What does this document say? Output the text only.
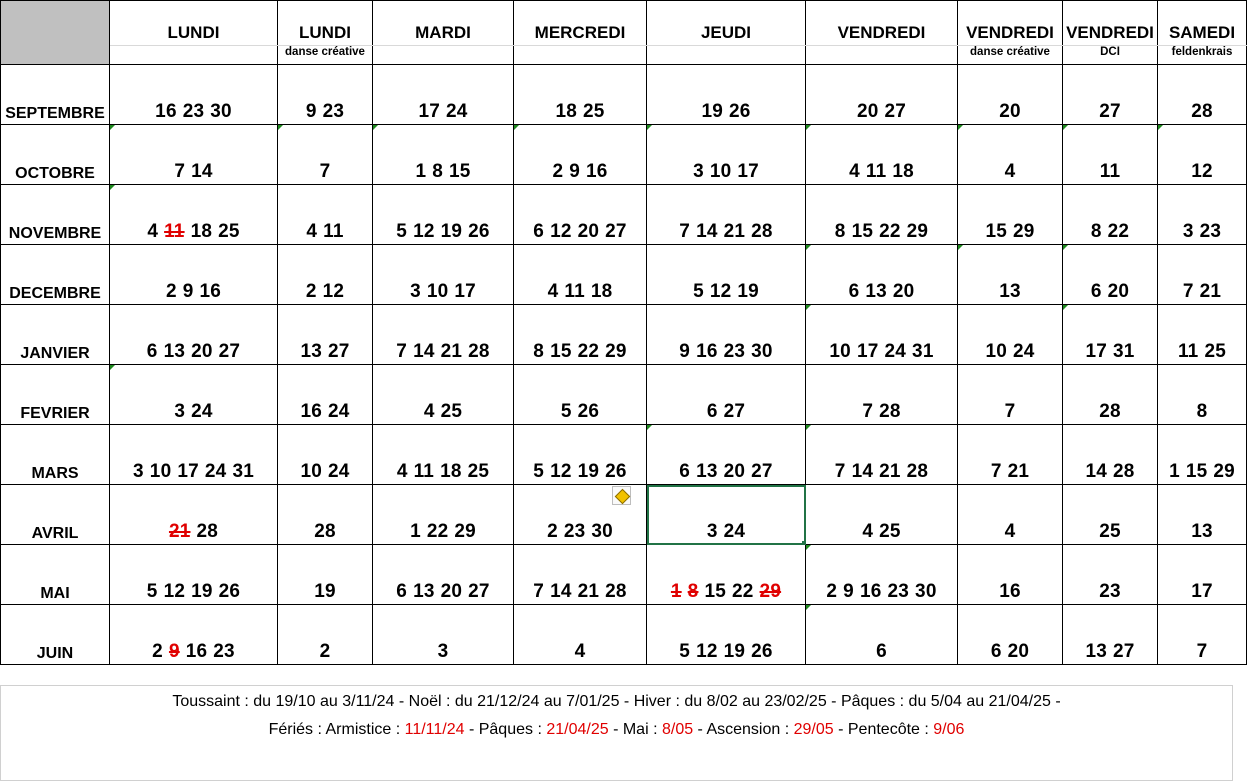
	LUNDI	LUNDI	MARDI	MERCREDI	JEUDI	VENDREDI	VENDREDI	VENDREDI	SAMEDI
		danse créative					danse créative	DCI	feldenkrais
SEPTEMBRE	16 23 30	9 23	17 24	18 25	19 26	20 27	20	27	28
OCTOBRE	7 14	7	1 8 15	2 9 16	3 10 17	4 11 18	4	11	12
NOVEMBRE	4 11 18 25	4 11	5 12 19 26	6 12 20 27	7 14 21 28	8 15 22 29	15 29	8 22	3 23
DECEMBRE	2 9 16	2 12	3 10 17	4 11 18	5 12 19	6 13 20	13	6 20	7 21
JANVIER	6 13 20 27	13 27	7 14 21 28	8 15 22 29	9 16 23 30	10 17 24 31	10 24	17 31	11 25
FEVRIER	3 24	16 24	4 25	5 26	6 27	7 28	7	28	8
MARS	3 10 17 24 31	10 24	4 11 18 25	5 12 19 26	6 13 20 27	7 14 21 28	7 21	14 28	1 15 29
AVRIL	21 28	28	1 22 29	2 23 30	3 24	4 25	4	25	13
MAI	5 12 19 26	19	6 13 20 27	7 14 21 28	1 8 15 22 29	2 9 16 23 30	16	23	17
JUIN	2 9 16 23	2	3	4	5 12 19 26	6	6 20	13 27	7
Toussaint : du 19/10 au 3/11/24 - Noël : du 21/12/24 au 7/01/25 - Hiver : du 8/02 au 23/02/25 - Pâques : du 5/04 au 21/04/25 -
Fériés : Armistice : 11/11/24 - Pâques : 21/04/25 - Mai : 8/05 - Ascension : 29/05 - Pentecôte : 9/06
